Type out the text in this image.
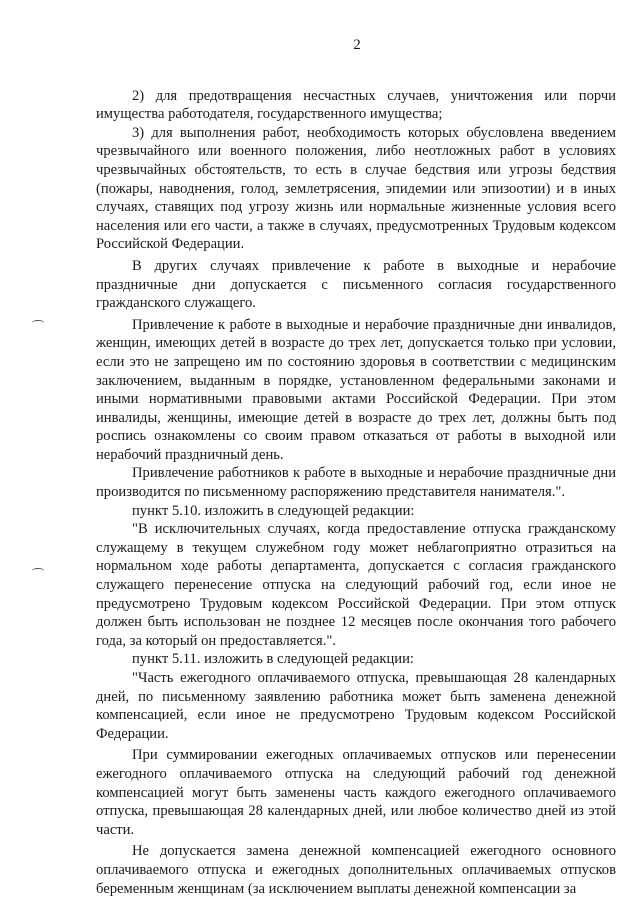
2

2) для предотвращения несчастных случаев, уничтожения или порчи имущества работодателя, государственного имущества;

3) для выполнения работ, необходимость которых обусловлена введением чрезвычайного или военного положения, либо неотложных работ в условиях чрезвычайных обстоятельств, то есть в случае бедствия или угрозы бедствия (пожары, наводнения, голод, землетрясения, эпидемии или эпизоотии) и в иных случаях, ставящих под угрозу жизнь или нормальные жизненные условия всего населения или его части, а также в случаях, предусмотренных Трудовым кодексом Российской Федерации.

В других случаях привлечение к работе в выходные и нерабочие праздничные дни допускается с письменного согласия государственного гражданского служащего.

Привлечение к работе в выходные и нерабочие праздничные дни инвалидов, женщин, имеющих детей в возрасте до трех лет, допускается только при условии, если это не запрещено им по состоянию здоровья в соответствии с медицинским заключением, выданным в порядке, установленном федеральными законами и иными нормативными правовыми актами Российской Федерации. При этом инвалиды, женщины, имеющие детей в возрасте до трех лет, должны быть под роспись ознакомлены со своим правом отказаться от работы в выходной или нерабочий праздничный день.

Привлечение работников к работе в выходные и нерабочие праздничные дни производится по письменному распоряжению представителя нанимателя.".

пункт 5.10. изложить в следующей редакции:

"В исключительных случаях, когда предоставление отпуска гражданскому служащему в текущем служебном году может неблагоприятно отразиться на нормальном ходе работы департамента, допускается с согласия гражданского служащего перенесение отпуска на следующий рабочий год, если иное не предусмотрено Трудовым кодексом Российской Федерации. При этом отпуск должен быть использован не позднее 12 месяцев после окончания того рабочего года, за который он предоставляется.".

пункт 5.11. изложить в следующей редакции:

"Часть ежегодного оплачиваемого отпуска, превышающая 28 календарных дней, по письменному заявлению работника может быть заменена денежной компенсацией, если иное не предусмотрено Трудовым кодексом Российской Федерации.

При суммировании ежегодных оплачиваемых отпусков или перенесении ежегодного оплачиваемого отпуска на следующий рабочий год денежной компенсацией могут быть заменены часть каждого ежегодного оплачиваемого отпуска, превышающая 28 календарных дней, или любое количество дней из этой части.

Не допускается замена денежной компенсацией ежегодного основного оплачиваемого отпуска и ежегодных дополнительных оплачиваемых отпусков беременным женщинам (за исключением выплаты денежной компенсации за
